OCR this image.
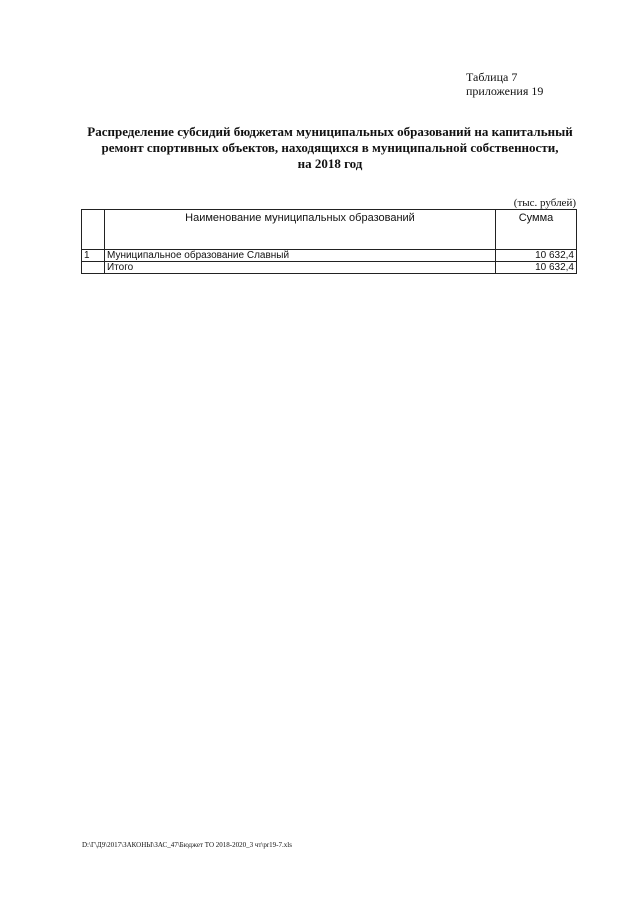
Таблица 7
приложения 19
Распределение субсидий бюджетам муниципальных образований на капитальный
ремонт спортивных объектов, находящихся в муниципальной собственности,
на 2018 год
(тыс. рублей)
	Наименование муниципальных образований	Сумма
1	Муниципальное образование Славный	10 632,4
	Итого	10 632,4
D:\Г\Д9\2017\ЗАКОНЫ\ЗАС_47\Бюджет ТО 2018-2020_3 чт\pr19-7.xls
